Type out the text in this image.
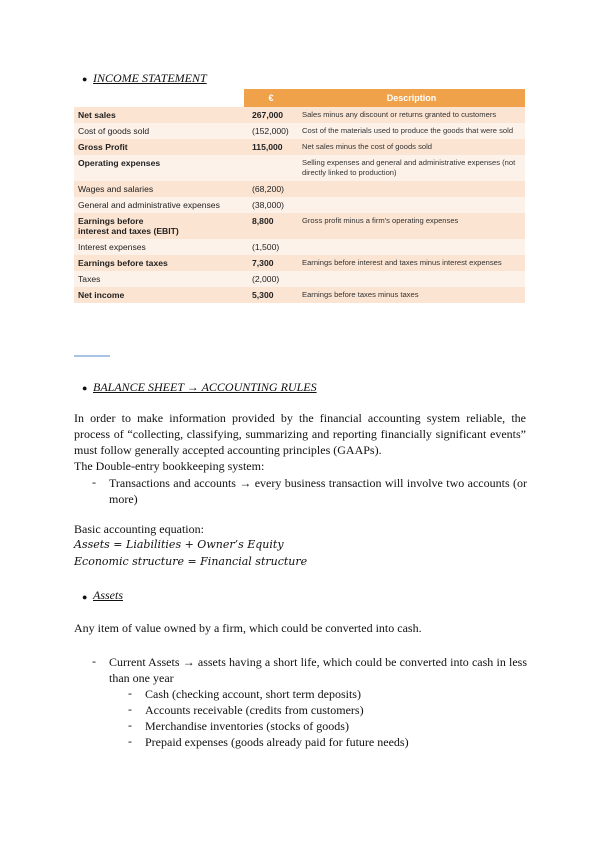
● INCOME STATEMENT
	€	Description
Net sales	267,000	Sales minus any discount or returns granted to customers
Cost of goods sold	(152,000)	Cost of the materials used to produce the goods that were sold
Gross Profit	115,000	Net sales minus the cost of goods sold
Operating expenses		Selling expenses and general and administrative expenses (not directly linked to production)
Wages and salaries	(68,200)	
General and administrative expenses	(38,000)	
Earnings before
interest and taxes (EBIT)	8,800	Gross profit minus a firm's operating expenses
Interest expenses	(1,500)	
Earnings before taxes	7,300	Earnings before interest and taxes minus interest expenses
Taxes	(2,000)	
Net income	5,300	Earnings before taxes minus taxes
● BALANCE SHEET → ACCOUNTING RULES
In order to make information provided by the financial accounting system reliable, the process of “collecting, classifying, summarizing and reporting financially significant events” must follow generally accepted accounting principles (GAAPs).
The Double-entry bookkeeping system:
- Transactions and accounts → every business transaction will involve two accounts (or more)
Basic accounting equation:
Assets = Liabilities + Owner’s Equity
Economic structure = Financial structure
● Assets
Any item of value owned by a firm, which could be converted into cash.
- Current Assets → assets having a short life, which could be converted into cash in less than one year
- Cash (checking account, short term deposits)
- Accounts receivable (credits from customers)
- Merchandise inventories (stocks of goods)
- Prepaid expenses (goods already paid for future needs)
